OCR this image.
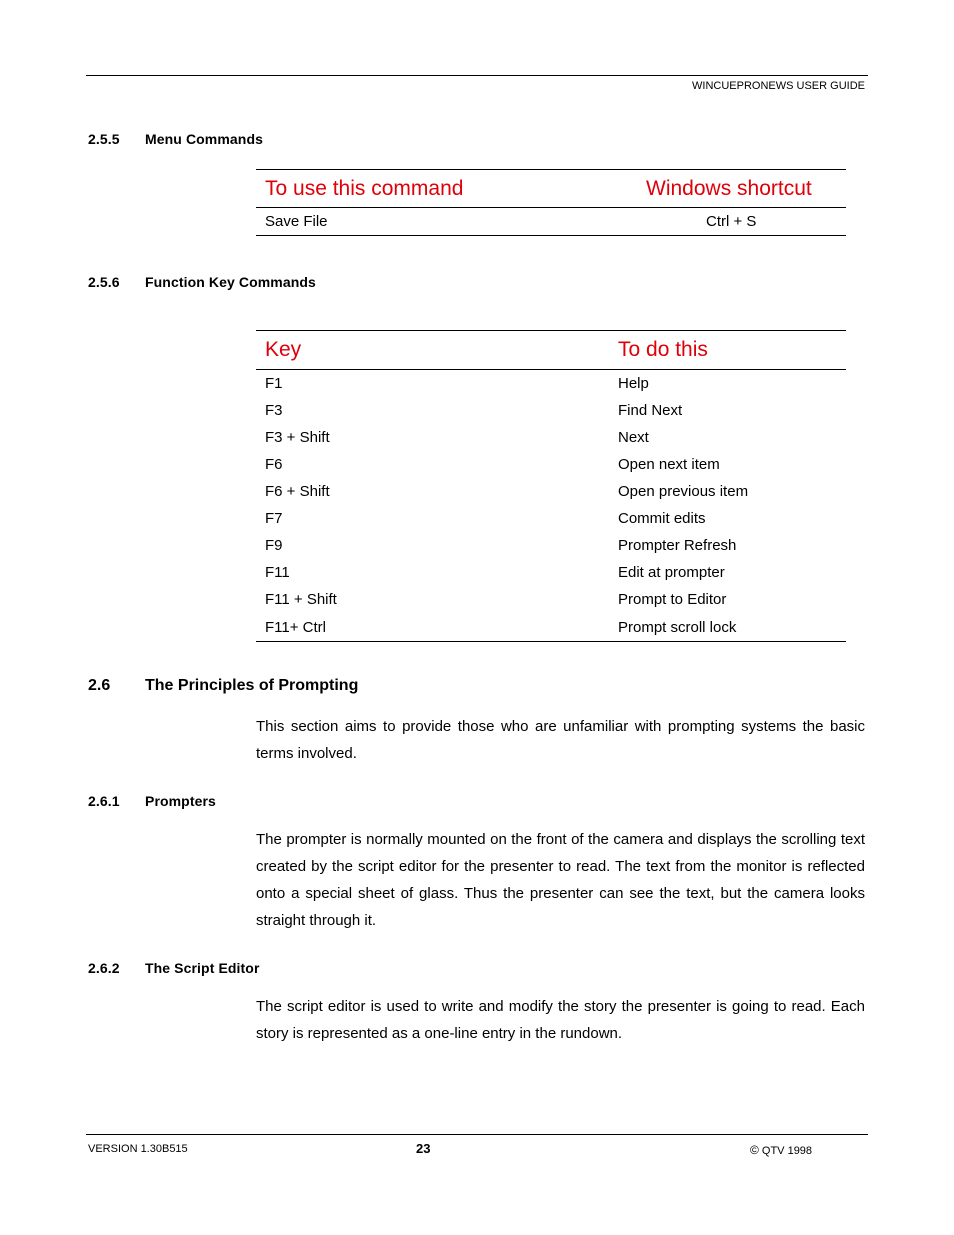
WINCUEPRONEWS USER GUIDE
2.5.5 Menu Commands
To use this command	Windows shortcut
Save File	Ctrl + S
2.5.6 Function Key Commands
Key	To do this
F1	Help
F3	Find Next
F3 + Shift	Next
F6	Open next item
F6 + Shift	Open previous item
F7	Commit edits
F9	Prompter Refresh
F11	Edit at prompter
F11 + Shift	Prompt to Editor
F11+ Ctrl	Prompt scroll lock
2.6 The Principles of Prompting
This section aims to provide those who are unfamiliar with prompting systems the basic terms involved.
2.6.1 Prompters
The prompter is normally mounted on the front of the camera and displays the scrolling text created by the script editor for the presenter to read. The text from the monitor is reflected onto a special sheet of glass. Thus the presenter can see the text, but the camera looks straight through it.
2.6.2 The Script Editor
The script editor is used to write and modify the story the presenter is going to read. Each story is represented as a one-line entry in the rundown.
VERSION 1.30B515	23	© QTV 1998
